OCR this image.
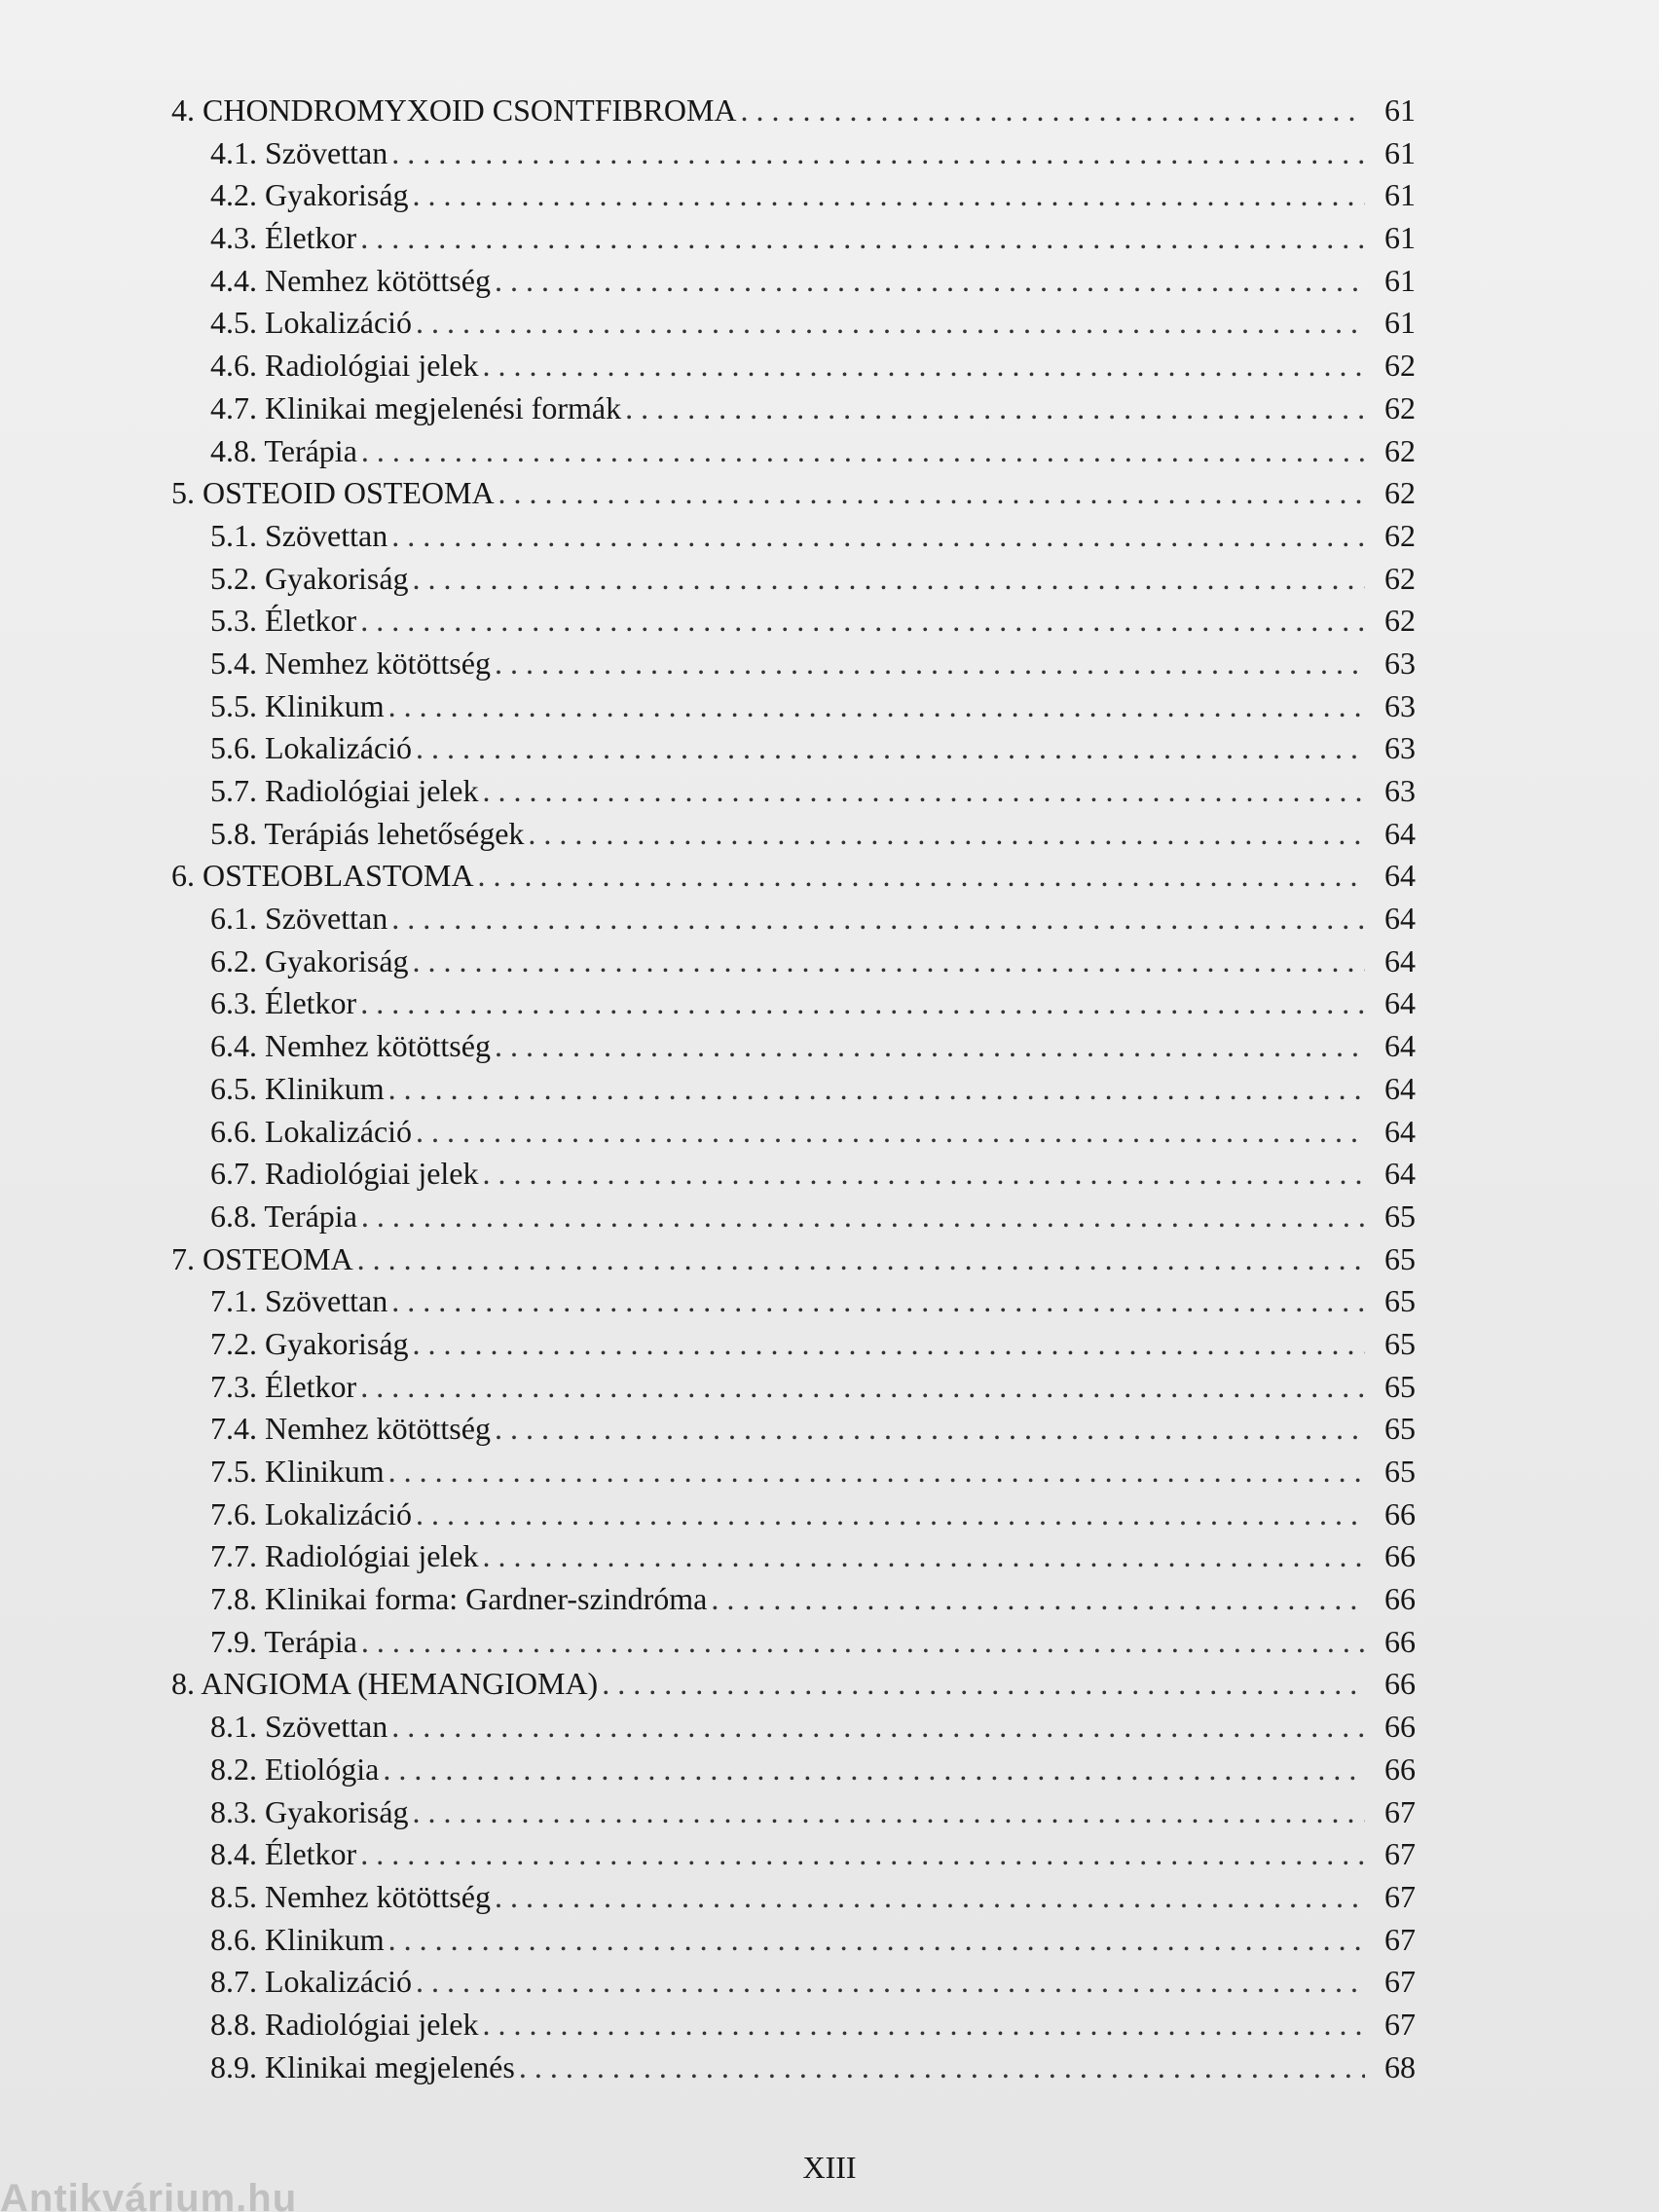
4. CHONDROMYXOID CSONTFIBROMA . . .	61
4.1. Szövettan . . .	61
4.2. Gyakoriság . . .	61
4.3. Életkor . . .	61
4.4. Nemhez kötöttség . . .	61
4.5. Lokalizáció . . .	61
4.6. Radiológiai jelek . . .	62
4.7. Klinikai megjelenési formák . . .	62
4.8. Terápia . . .	62
5. OSTEOID OSTEOMA . . .	62
5.1. Szövettan . . .	62
5.2. Gyakoriság . . .	62
5.3. Életkor . . .	62
5.4. Nemhez kötöttség . . .	63
5.5. Klinikum . . .	63
5.6. Lokalizáció . . .	63
5.7. Radiológiai jelek . . .	63
5.8. Terápiás lehetőségek . . .	64
6. OSTEOBLASTOMA . . .	64
6.1. Szövettan . . .	64
6.2. Gyakoriság . . .	64
6.3. Életkor . . .	64
6.4. Nemhez kötöttség . . .	64
6.5. Klinikum . . .	64
6.6. Lokalizáció . . .	64
6.7. Radiológiai jelek . . .	64
6.8. Terápia . . .	65
7. OSTEOMA . . .	65
7.1. Szövettan . . .	65
7.2. Gyakoriság . . .	65
7.3. Életkor . . .	65
7.4. Nemhez kötöttség . . .	65
7.5. Klinikum . . .	65
7.6. Lokalizáció . . .	66
7.7. Radiológiai jelek . . .	66
7.8. Klinikai forma: Gardner-szindróma . . .	66
7.9. Terápia . . .	66
8. ANGIOMA (HEMANGIOMA) . . .	66
8.1. Szövettan . . .	66
8.2. Etiológia . . .	66
8.3. Gyakoriság . . .	67
8.4. Életkor . . .	67
8.5. Nemhez kötöttség . . .	67
8.6. Klinikum . . .	67
8.7. Lokalizáció . . .	67
8.8. Radiológiai jelek . . .	67
8.9. Klinikai megjelenés . . .	68
XIII
Antikvárium.hu
